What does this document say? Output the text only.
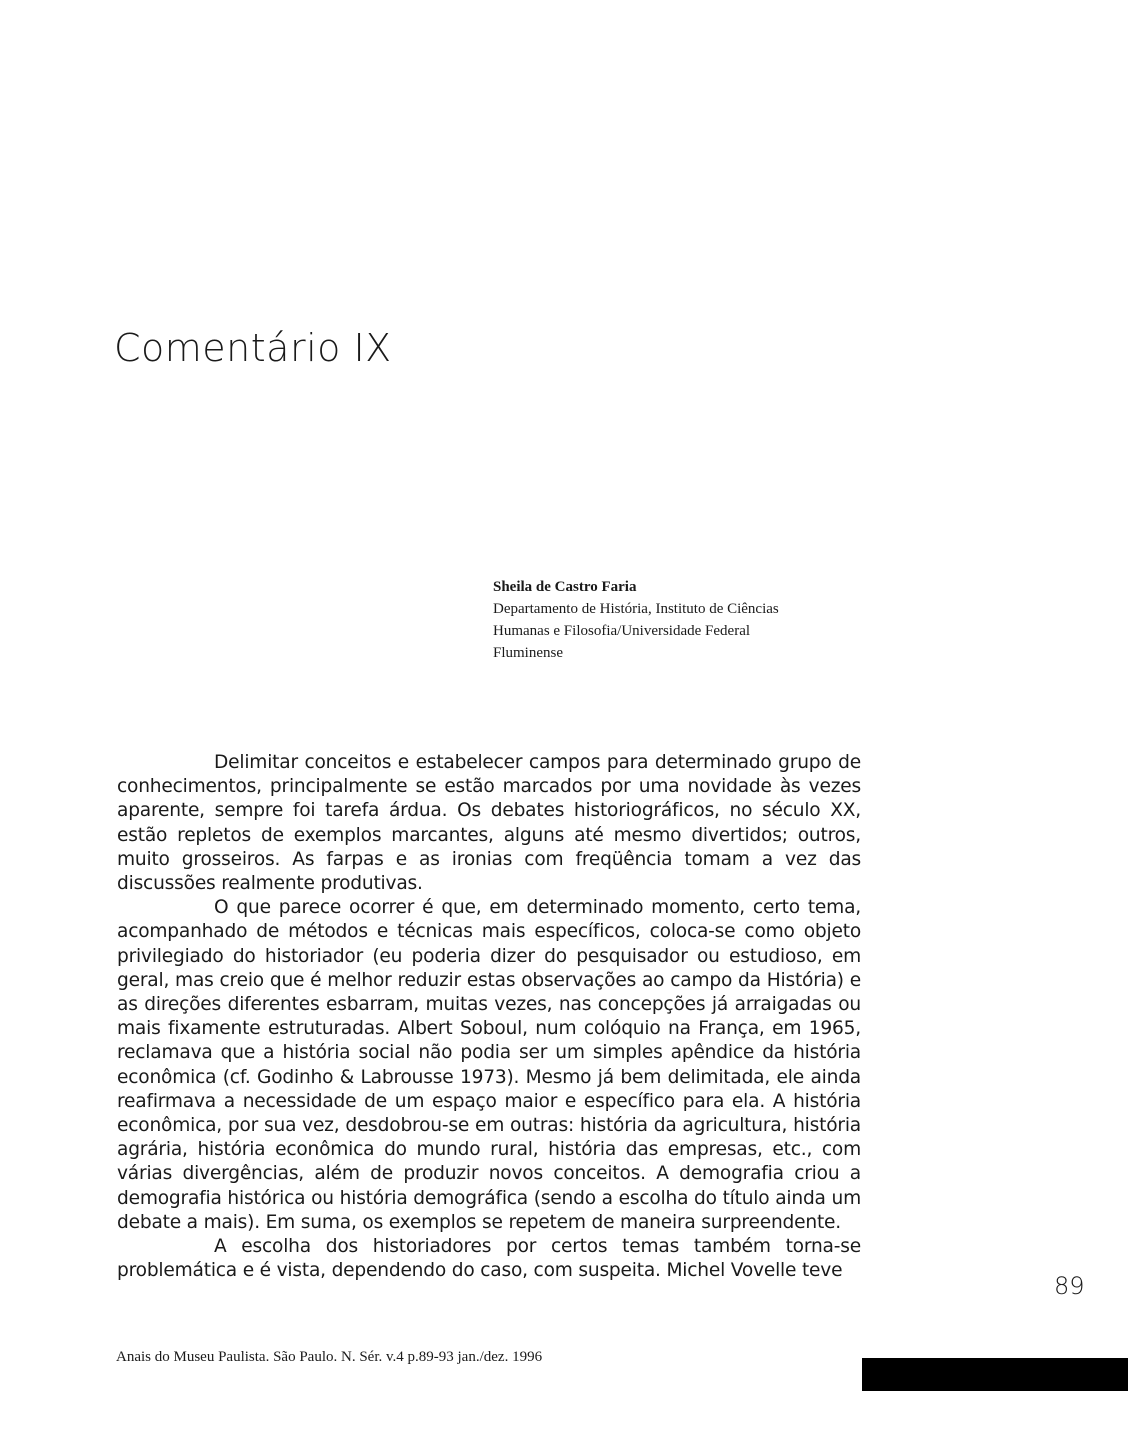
Comentário IX

Sheila de Castro Faria

Departamento de História, Instituto de Ciências

Humanas e Filosofia/Universidade Federal

Fluminense

Delimitar conceitos e estabelecer campos para determinado grupo de conhecimentos, principalmente se estão marcados por uma novidade às vezes aparente, sempre foi tarefa árdua. Os debates historiográficos, no século XX, estão repletos de exemplos marcantes, alguns até mesmo divertidos; outros, muito grosseiros. As farpas e as ironias com freqüência tomam a vez das discussões realmente produtivas.

O que parece ocorrer é que, em determinado momento, certo tema, acompanhado de métodos e técnicas mais específicos, coloca-se como objeto privilegiado do historiador (eu poderia dizer do pesquisador ou estudioso, em geral, mas creio que é melhor reduzir estas observações ao campo da História) e as direções diferentes esbarram, muitas vezes, nas concepções já arraigadas ou mais fixamente estruturadas. Albert Soboul, num colóquio na França, em 1965, reclamava que a história social não podia ser um simples apêndice da história econômica (cf. Godinho & Labrousse 1973). Mesmo já bem delimitada, ele ainda reafirmava a necessidade de um espaço maior e específico para ela. A história econômica, por sua vez, desdobrou-se em outras: história da agricultura, história agrária, história econômica do mundo rural, história das empresas, etc., com várias divergências, além de produzir novos conceitos. A demografia criou a demografia histórica ou história demográfica (sendo a escolha do título ainda um debate a mais). Em suma, os exemplos se repetem de maneira surpreendente.

A escolha dos historiadores por certos temas também torna-se problemática e é vista, dependendo do caso, com suspeita. Michel Vovelle teve

89
Anais do Museu Paulista. São Paulo. N. Sér. v.4 p.89-93 jan./dez. 1996
